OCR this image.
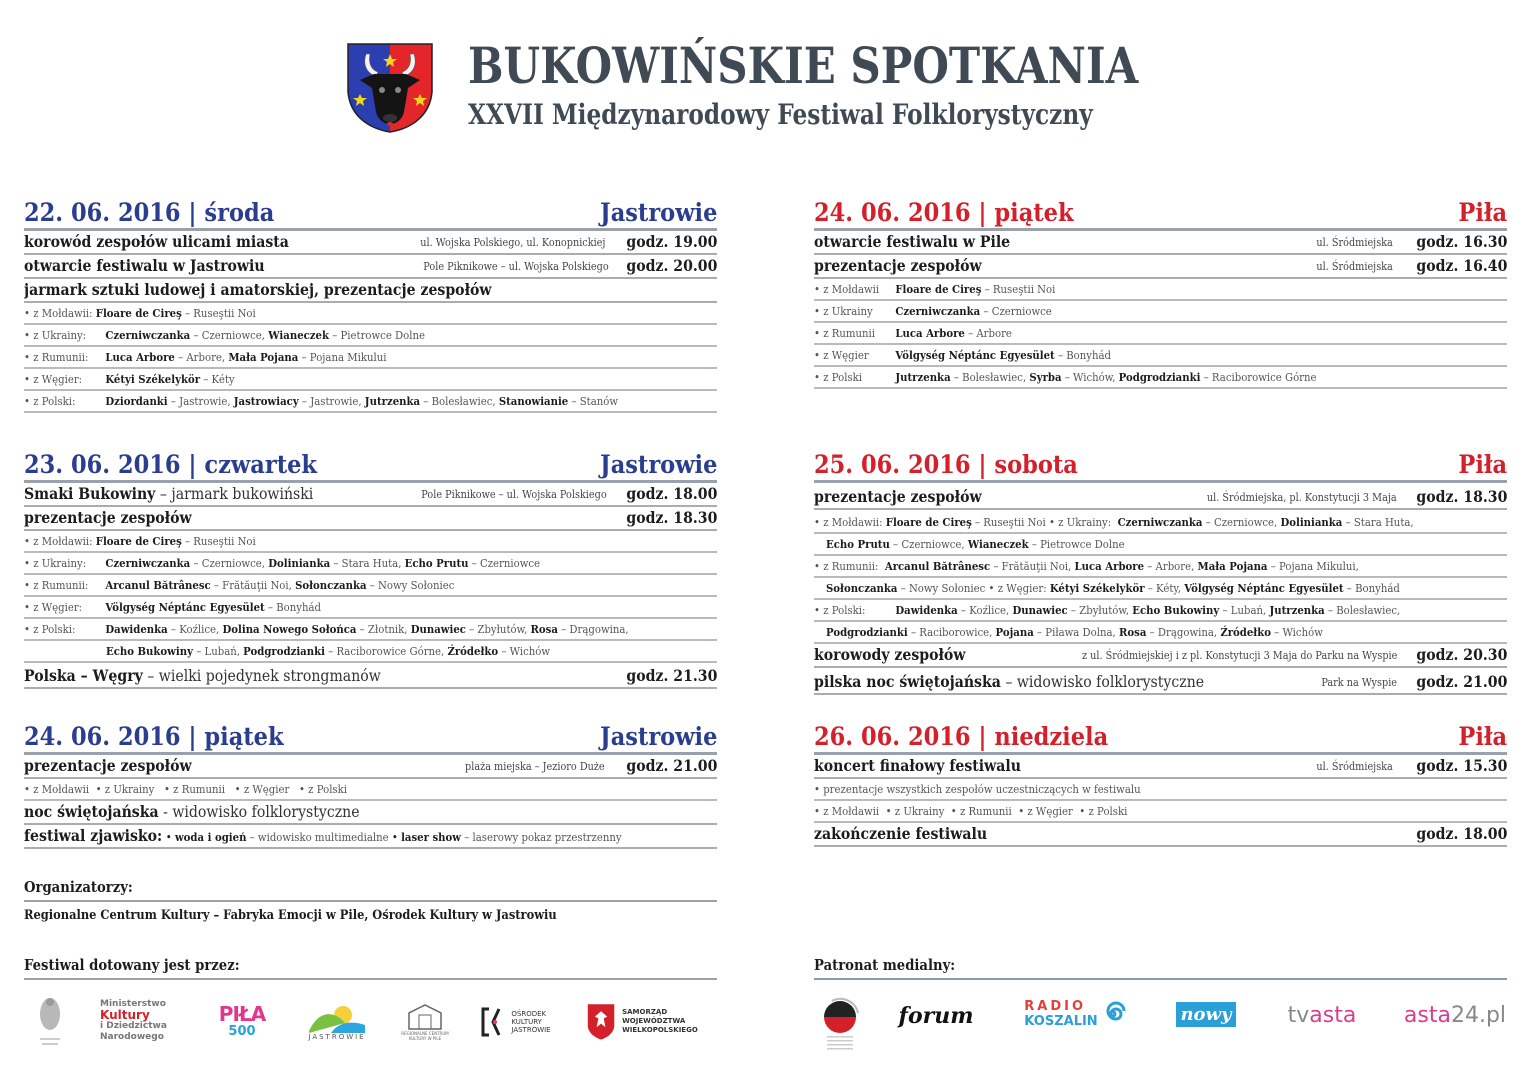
BUKOWIŃSKIE SPOTKANIA
XXVII Międzynarodowy Festiwal Folklorystyczny
22. 06. 2016 | środa	Jastrowie
korowód zespołów ulicami miasta	ul. Wojska Polskiego, ul. Konopnickiej godz. 19.00
otwarcie festiwalu w Jastrowiu	Pole Piknikowe – ul. Wojska Polskiego godz. 20.00
jarmark sztuki ludowej i amatorskiej, prezentacje zespołów
• z Mołdawii: Floare de Cireş – Ruseştii Noi
• z Ukrainy: Czerniwczanka – Czerniowce, Wianeczek – Pietrowce Dolne
• z Rumunii: Luca Arbore – Arbore, Mała Pojana – Pojana Mikului
• z Węgier: Kétyi Székelykör – Kéty
• z Polski:	Dziordanki – Jastrowie, Jastrowiacy – Jastrowie, Jutrzenka – Bolesławiec, Stanowianie – Stanów
23. 06. 2016 | czwartek	Jastrowie
Smaki Bukowiny – jarmark bukowiński	Pole Piknikowe – ul. Wojska Polskiego godz. 18.00
prezentacje zespołów	godz. 18.30
• z Mołdawii: Floare de Cireş – Ruseştii Noi
• z Ukrainy: Czerniwczanka – Czerniowce, Dolinianka – Stara Huta, Echo Prutu – Czerniowce
• z Rumunii: Arcanul Bătrânesc – Frătăuţii Noi, Sołonczanka – Nowy Sołoniec
• z Węgier: Völgység Néptánc Egyesület – Bonyhád
• z Polski:	Dawidenka – Koźlice, Dolina Nowego Sołońca – Złotnik, Dunawiec – Zbyłutów, Rosa – Drągowina,
Echo Bukowiny – Lubań, Podgrodzianki – Raciborowice Górne, Źródełko – Wichów
Polska – Węgry – wielki pojedynek strongmanów	godz. 21.30
24. 06. 2016 | piątek	Jastrowie
prezentacje zespołów	plaża miejska – Jezioro Duże godz. 21.00
• z Mołdawii • z Ukrainy • z Rumunii • z Węgier • z Polski
noc świętojańska - widowisko folklorystyczne
festiwal zjawisko: • woda i ogień – widowisko multimedialne • laser show – laserowy pokaz przestrzenny
24. 06. 2016 | piątek	Piła
otwarcie festiwalu w Pile	ul. Śródmiejska godz. 16.30
prezentacje zespołów	ul. Śródmiejska godz. 16.40
• z Mołdawii Floare de Cireş – Ruseştii Noi
• z Ukrainy Czerniwczanka – Czerniowce
• z Rumunii Luca Arbore – Arbore
• z Węgier Völgység Néptánc Egyesület – Bonyhád
• z Polski	Jutrzenka – Bolesławiec, Syrba – Wichów, Podgrodzianki – Raciborowice Górne
25. 06. 2016 | sobota	Piła
prezentacje zespołów	ul. Śródmiejska, pl. Konstytucji 3 Maja godz. 18.30
• z Mołdawii: Floare de Cireş – Ruseştii Noi • z Ukrainy: Czerniwczanka – Czerniowce, Dolinianka – Stara Huta,
Echo Prutu – Czerniowce, Wianeczek – Pietrowce Dolne
• z Rumunii: Arcanul Bătrânesc – Frătăuţii Noi, Luca Arbore – Arbore, Mała Pojana – Pojana Mikului,
Sołonczanka – Nowy Sołoniec • z Węgier: Kétyi Székelykör – Kéty, Völgység Néptánc Egyesület – Bonyhád
• z Polski:	Dawidenka – Koźlice, Dunawiec – Zbyłutów, Echo Bukowiny – Lubań, Jutrzenka – Bolesławiec,
Podgrodzianki – Raciborowice, Pojana – Piława Dolna, Rosa – Drągowina, Źródełko – Wichów
korowody zespołów	z ul. Śródmiejskiej i z pl. Konstytucji 3 Maja do Parku na Wyspie godz. 20.30
pilska noc świętojańska – widowisko folklorystyczne	Park na Wyspie godz. 21.00
26. 06. 2016 | niedziela	Piła
koncert finałowy festiwalu	ul. Śródmiejska godz. 15.30
• prezentacje wszystkich zespołów uczestniczących w festiwalu
• z Mołdawii • z Ukrainy • z Rumunii • z Węgier • z Polski
zakończenie festiwalu	godz. 18.00
Organizatorzy:
Regionalne Centrum Kultury – Fabryka Emocji w Pile, Ośrodek Kultury w Jastrowiu
Festiwal dotowany jest przez:	Patronat medialny:
Ministerstwo
Kultury
i Dziedzictwa
Narodowego
PIŁA
500	JASTROWIE	REGIONALNE CENTRUM KULTURY W PILE
OŚRODEK
KULTURY
JASTROWIE
SAMORZĄD WOJEWÓDZTWA
WIELKOPOLSKIEGO
forum	RADIO
KOSZALIN	nowy	tv asta asta 24.pl
